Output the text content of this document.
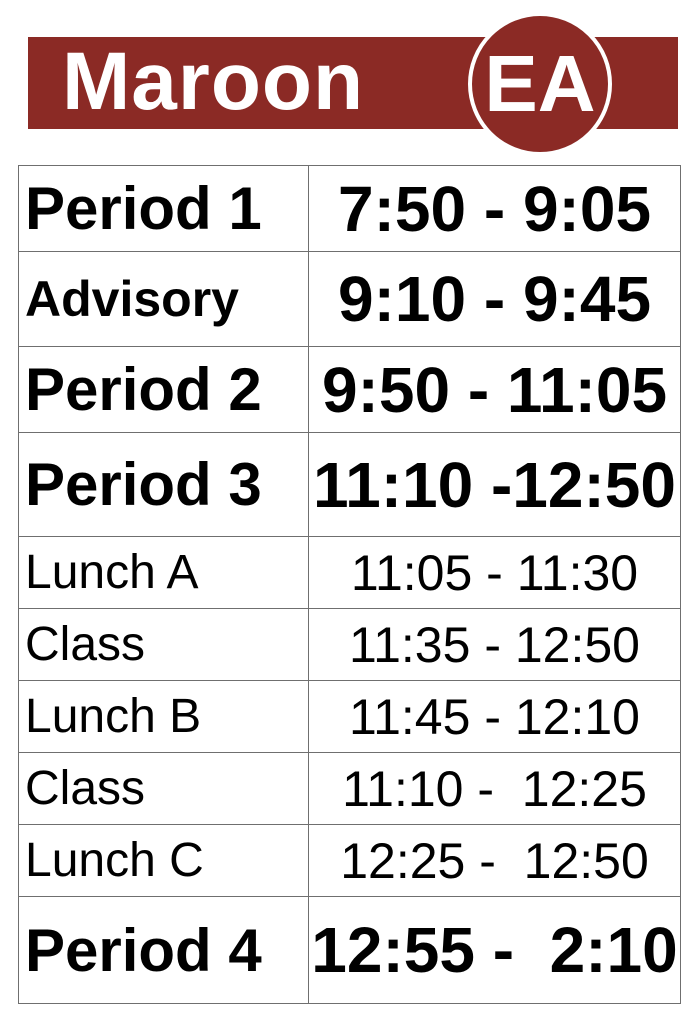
Maroon EA
Period 1	7:50 - 9:05
Advisory	9:10 - 9:45
Period 2	9:50 - 11:05
Period 3	11:10 -12:50
Lunch A	11:05 - 11:30
Class	11:35 - 12:50
Lunch B	11:45 - 12:10
Class	11:10 -  12:25
Lunch C	12:25 -  12:50
Period 4	12:55 -  2:10
